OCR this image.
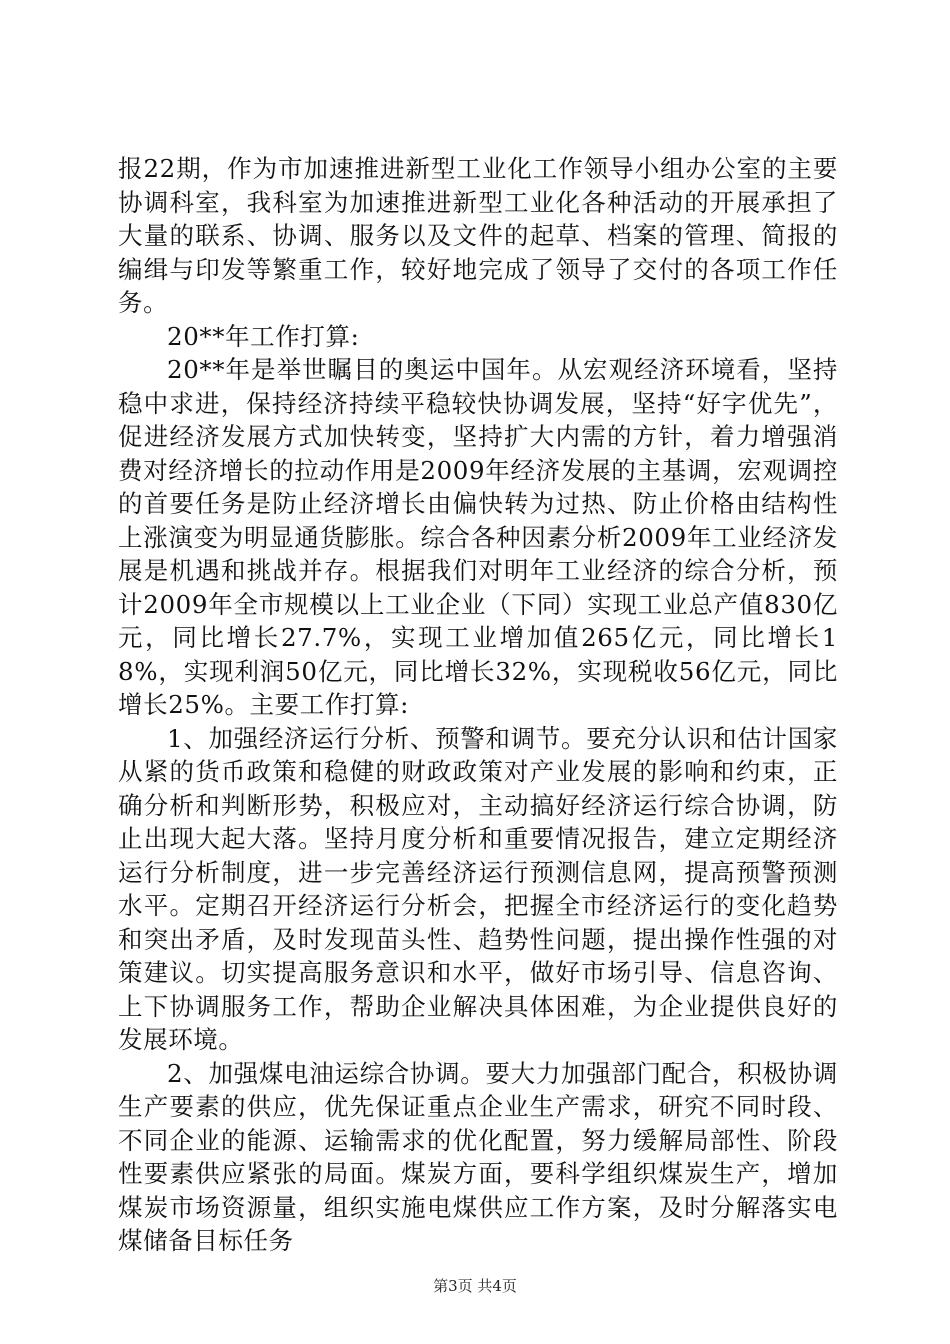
报22期，作为市加速推进新型工业化工作领导小组办公室的主要协调科室，我科室为加速推进新型工业化各种活动的开展承担了大量的联系、协调、服务以及文件的起草、档案的管理、简报的编缉与印发等繁重工作，较好地完成了领导了交付的各项工作任务。

20**年工作打算:

20**年是举世瞩目的奥运中国年。从宏观经济环境看，坚持稳中求进，保持经济持续平稳较快协调发展，坚持“好字优先”，促进经济发展方式加快转变，坚持扩大内需的方针，着力增强消费对经济增长的拉动作用是2009年经济发展的主基调，宏观调控的首要任务是防止经济增长由偏快转为过热、防止价格由结构性上涨演变为明显通货膨胀。综合各种因素分析2009年工业经济发展是机遇和挑战并存。根据我们对明年工业经济的综合分析，预计2009年全市规模以上工业企业（下同）实现工业总产值830亿元，同比增长27.7%，实现工业增加值265亿元，同比增长18%，实现利润50亿元，同比增长32%，实现税收56亿元，同比增长25%。主要工作打算:

1、加强经济运行分析、预警和调节。要充分认识和估计国家从紧的货币政策和稳健的财政政策对产业发展的影响和约束，正确分析和判断形势，积极应对，主动搞好经济运行综合协调，防止出现大起大落。坚持月度分析和重要情况报告，建立定期经济运行分析制度，进一步完善经济运行预测信息网，提高预警预测水平。定期召开经济运行分析会，把握全市经济运行的变化趋势和突出矛盾，及时发现苗头性、趋势性问题，提出操作性强的对策建议。切实提高服务意识和水平，做好市场引导、信息咨询、上下协调服务工作，帮助企业解决具体困难，为企业提供良好的发展环境。

2、加强煤电油运综合协调。要大力加强部门配合，积极协调生产要素的供应，优先保证重点企业生产需求，研究不同时段、不同企业的能源、运输需求的优化配置，努力缓解局部性、阶段性要素供应紧张的局面。煤炭方面，要科学组织煤炭生产，增加煤炭市场资源量，组织实施电煤供应工作方案，及时分解落实电煤储备目标任务

第3页 共4页
